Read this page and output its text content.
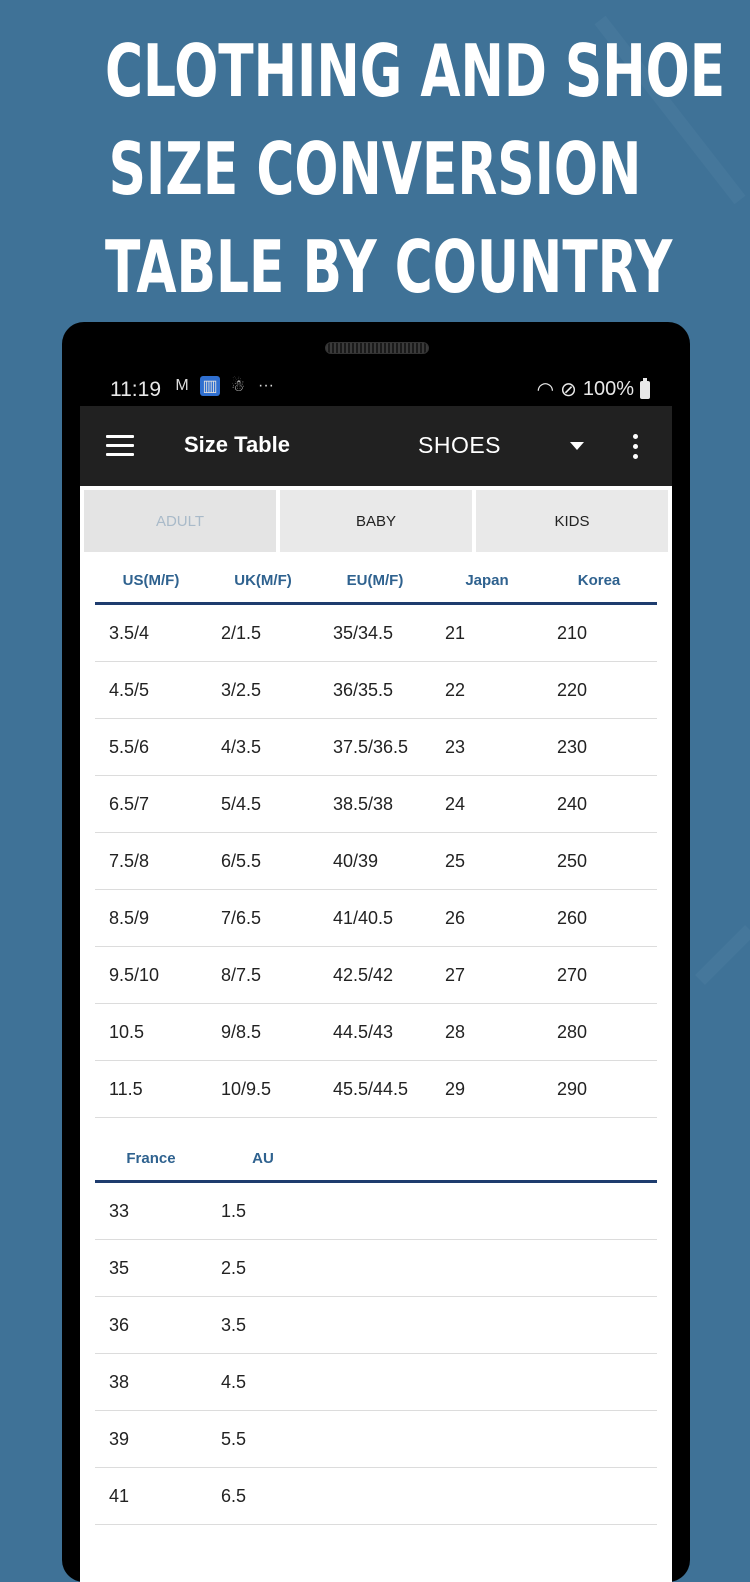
CLOTHING AND SHOE
SIZE CONVERSION
TABLE BY COUNTRY
11:19 M ▥ ☃ ···	◠ ⊘ 100%
Size Table	SHOES
ADULT	BABY	KIDS
US(M/F)	UK(M/F)	EU(M/F)	Japan	Korea
3.5/4	2/1.5	35/34.5	21	210
4.5/5	3/2.5	36/35.5	22	220
5.5/6	4/3.5	37.5/36.5	23	230
6.5/7	5/4.5	38.5/38	24	240
7.5/8	6/5.5	40/39	25	250
8.5/9	7/6.5	41/40.5	26	260
9.5/10	8/7.5	42.5/42	27	270
10.5	9/8.5	44.5/43	28	280
11.5	10/9.5	45.5/44.5	29	290
France	AU
33	1.5
35	2.5
36	3.5
38	4.5
39	5.5
41	6.5
